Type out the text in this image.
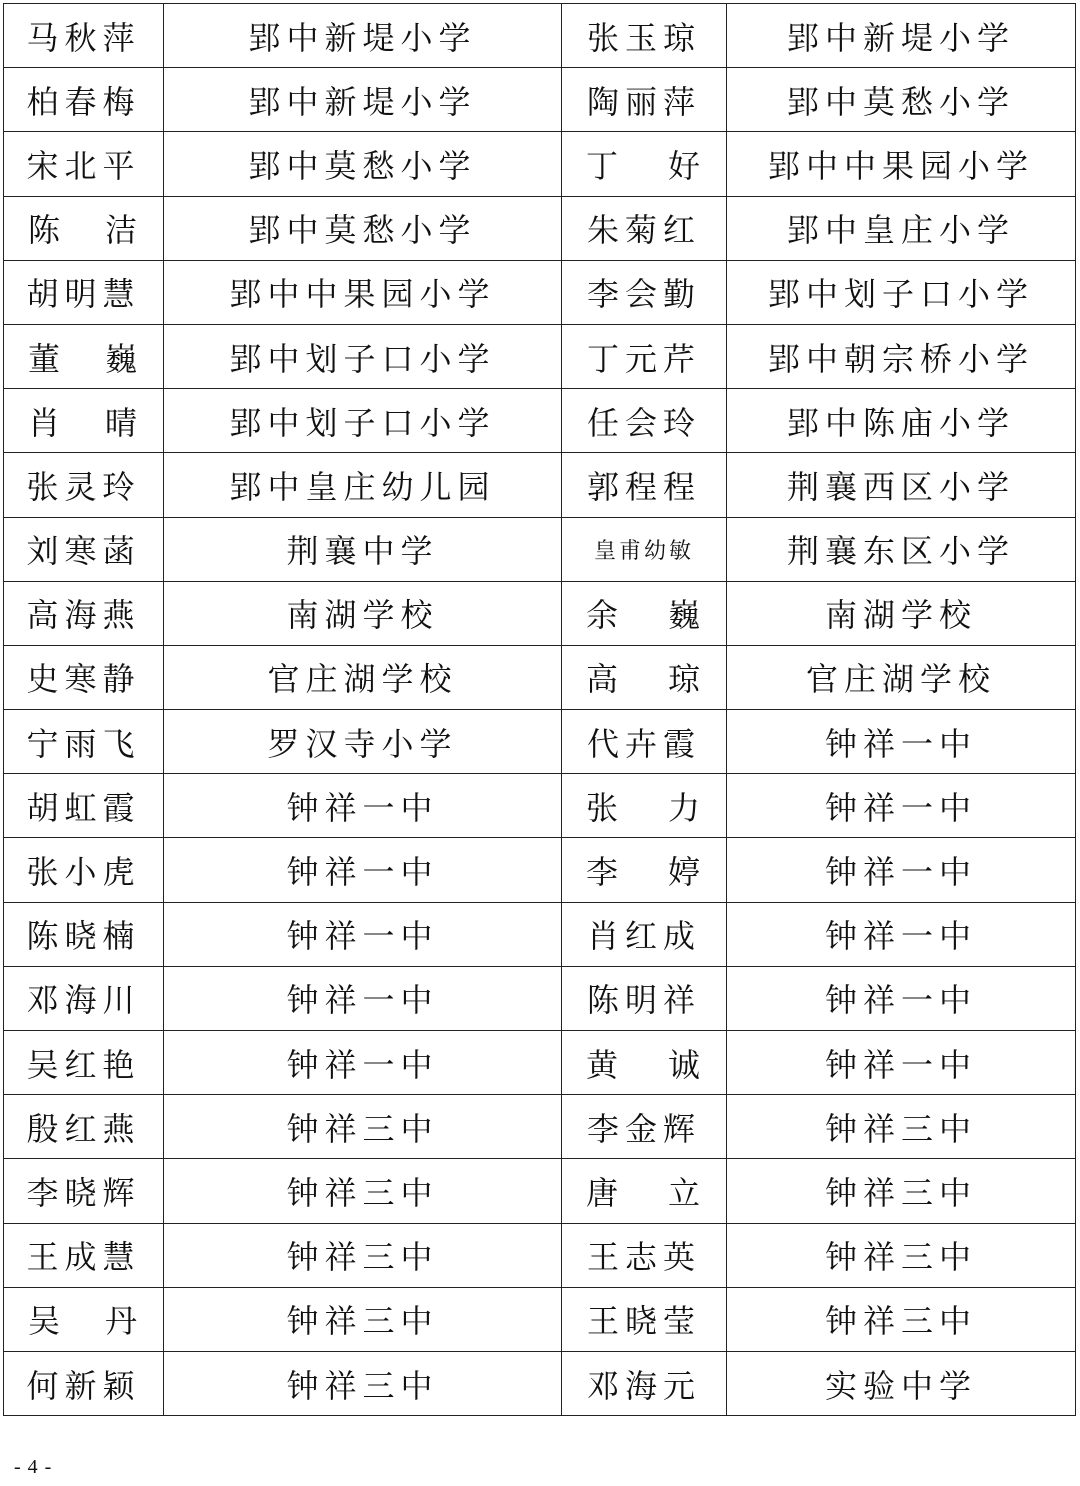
马秋萍	郢中新堤小学	张玉琼	郢中新堤小学
柏春梅	郢中新堤小学	陶丽萍	郢中莫愁小学
宋北平	郢中莫愁小学	丁 好	郢中中果园小学
陈 洁	郢中莫愁小学	朱菊红	郢中皇庄小学
胡明慧	郢中中果园小学	李会勤	郢中划子口小学
董 巍	郢中划子口小学	丁元芹	郢中朝宗桥小学
肖 晴	郢中划子口小学	任会玲	郢中陈庙小学
张灵玲	郢中皇庄幼儿园	郭程程	荆襄西区小学
刘寒菡	荆襄中学	皇甫幼敏	荆襄东区小学
高海燕	南湖学校	余 巍	南湖学校
史寒静	官庄湖学校	高 琼	官庄湖学校
宁雨飞	罗汉寺小学	代卉霞	钟祥一中
胡虹霞	钟祥一中	张 力	钟祥一中
张小虎	钟祥一中	李 婷	钟祥一中
陈晓楠	钟祥一中	肖红成	钟祥一中
邓海川	钟祥一中	陈明祥	钟祥一中
吴红艳	钟祥一中	黄 诚	钟祥一中
殷红燕	钟祥三中	李金辉	钟祥三中
李晓辉	钟祥三中	唐 立	钟祥三中
王成慧	钟祥三中	王志英	钟祥三中
吴 丹	钟祥三中	王晓莹	钟祥三中
何新颖	钟祥三中	邓海元	实验中学
- 4 -
